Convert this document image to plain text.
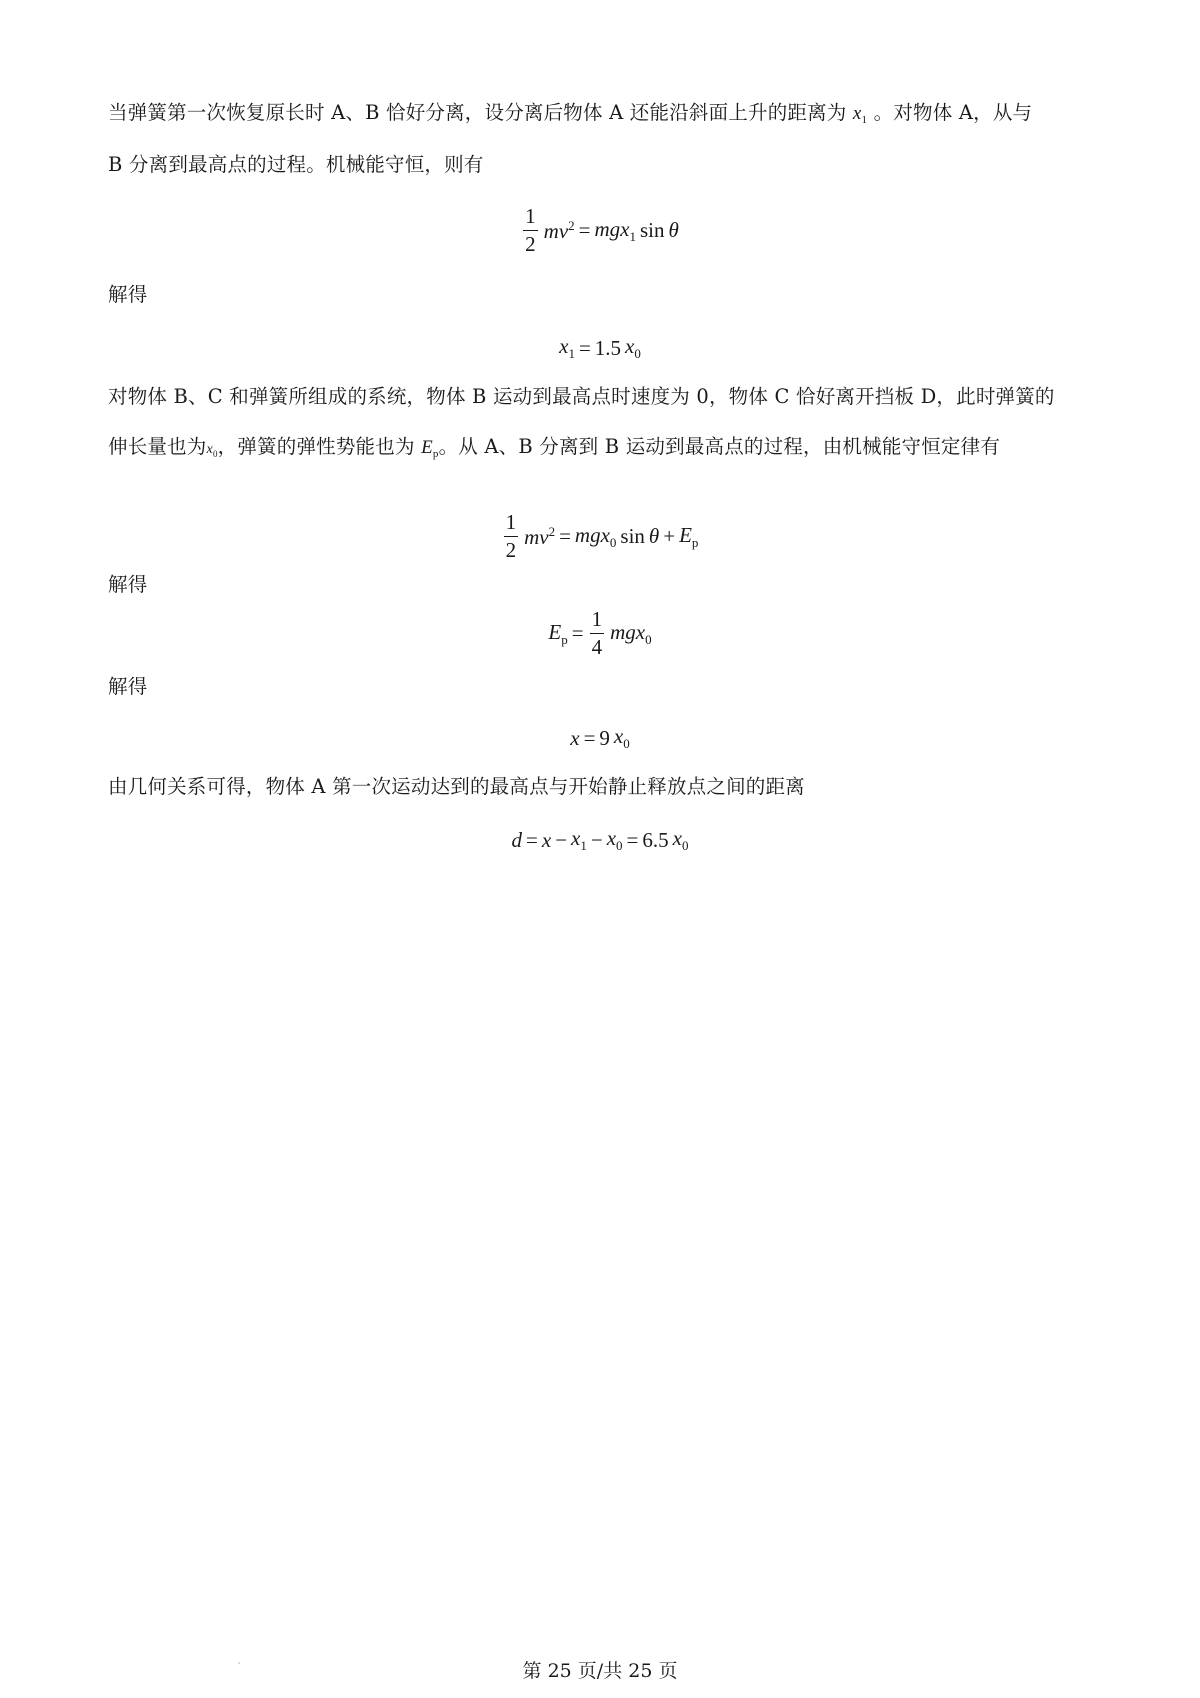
当弹簧第一次恢复原长时 A、B 恰好分离，设分离后物体 A 还能沿斜面上升的距离为 $x_1$ 。对物体 A，从与
B 分离到最高点的过程。机械能守恒，则有
$\frac{1}{2} mv^2 = mgx_1$ sin θ
解得
$x_1 = 1.5$ $x_0$
对物体 B、C 和弹簧所组成的系统，物体 B 运动到最高点时速度为 0，物体 C 恰好离开挡板 D，此时弹簧的
伸长量也为$x_0$，弹簧的弹性势能也为 $E_p$。从 A、B 分离到 B 运动到最高点的过程，由机械能守恒定律有
$\frac{1}{2} mv^2 = mgx_0$ $\sin \theta + E_p$
解得
$E_p = \frac{1}{4} mgx_0$
解得
x = 9 $x_0$
由几何关系可得，物体 A 第一次运动达到的最高点与开始静止释放点之间的距离
$d = x - x_1 - x_0 = 6.5$ $x_0$
第 25 页/共 25 页
